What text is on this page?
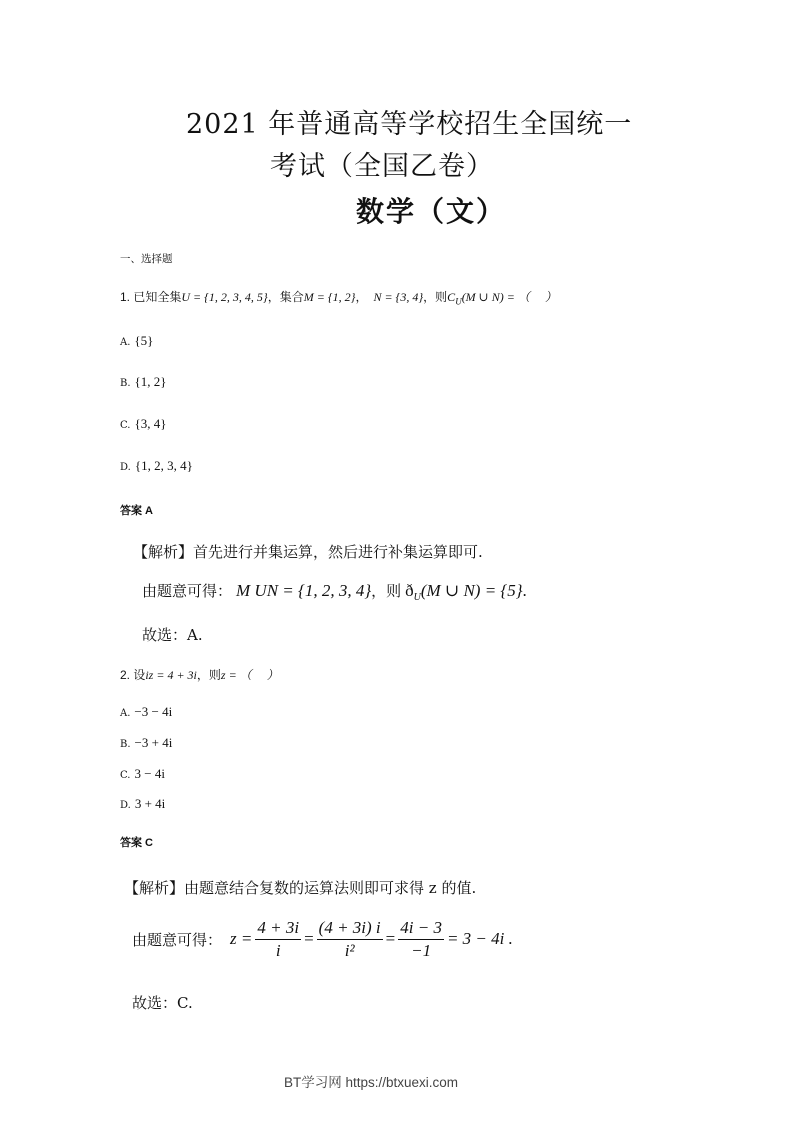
2021 年普通高等学校招生全国统一
考试（全国乙卷）
数学（文）
一、选择题
1. 已知全集U = {1, 2, 3, 4, 5}，集合M = {1, 2}， N = {3, 4}，则$C_U(M$ ∪ N) = （　 ）
A. {5}
B. {1, 2}
C. {3, 4}
D. {1, 2, 3, 4}
答案 A
【解析】首先进行并集运算，然后进行补集运算即可.
由题意可得： M UN = {1, 2, 3, 4}，则 $ð_U(M$ ∪ N) = {5}.
故选：A.
2. 设iz = 4 + 3i，则z = （　 ）
A. −3 − 4i
B. −3 + 4i
C. 3 − 4i
D. 3 + 4i
答案 C
【解析】由题意结合复数的运算法则即可求得 z 的值.
由题意可得： $z = \frac{4 + 3i}{i} = \frac{(4 + 3i) i}{\text{i²}} = \frac{4i - 3}{-1} = 3 - 4i$ .
故选：C.
BT学习网 https://btxuexi.com
